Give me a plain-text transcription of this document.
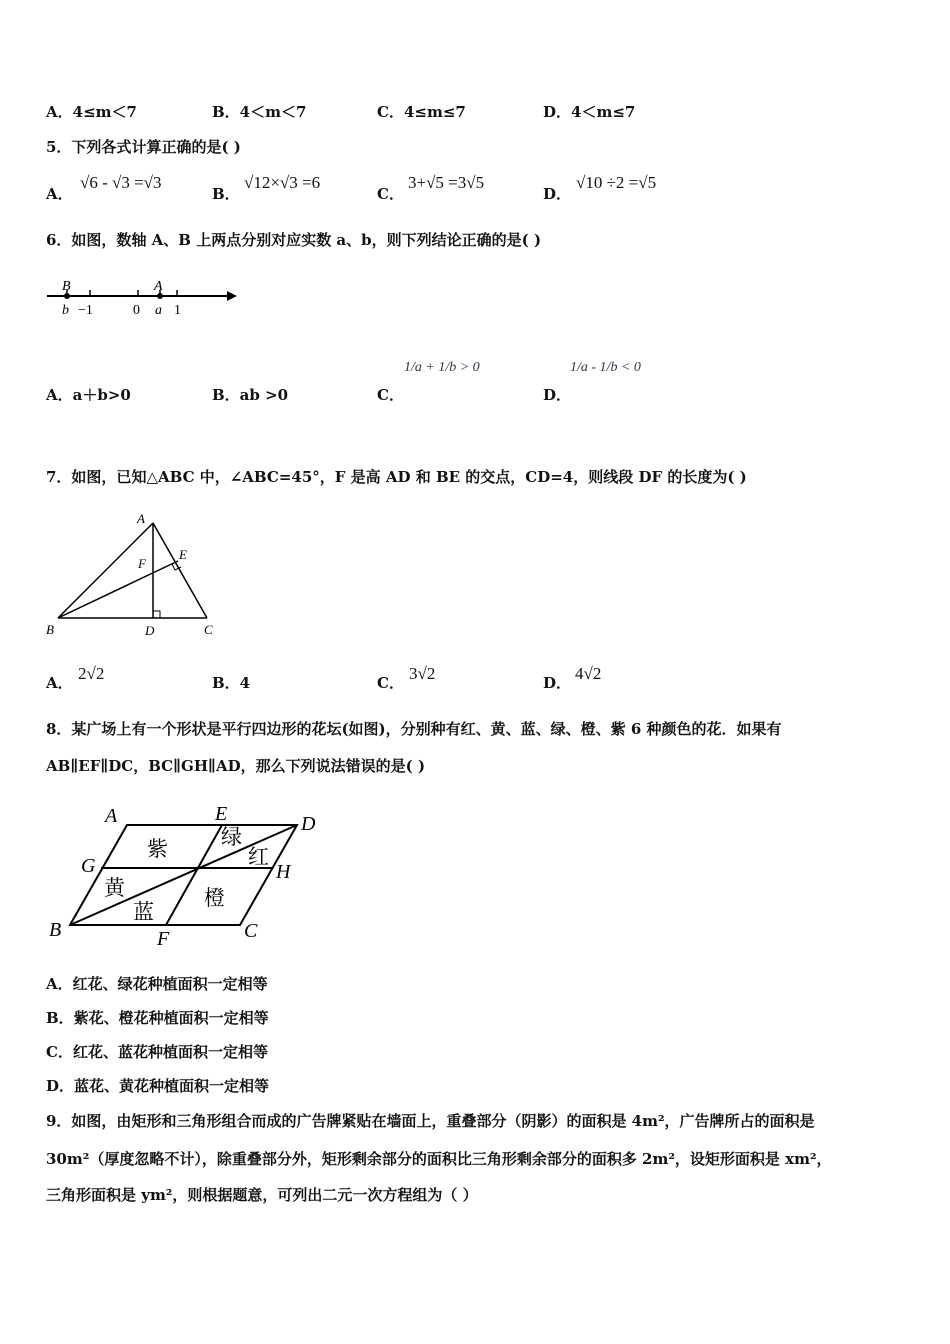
A．4≤m＜7	B．4＜m＜7	C．4≤m≤7	D．4＜m≤7
5．下列各式计算正确的是( )
A．
√6 - √3 =√3
B．
√12×√3 =6
C．
3+√5 =3√5
D．
√10 ÷2 =√5
6．如图，数轴 A、B 上两点分别对应实数 a、b，则下列结论正确的是( )
B	A
b −1	0 a 1
A．a＋b>0	B．ab >0	C．
1/a + 1/b > 0
D．
1/a - 1/b < 0
7．如图，已知△ABC 中，∠ABC=45°，F 是高 AD 和 BE 的交点，CD=4，则线段 DF 的长度为( )
A
B	C
D
E
F
A． 2√2	B．4	C． 3√2	D． 4√2
8．某广场上有一个形状是平行四边形的花坛(如图)，分别种有红、黄、蓝、绿、橙、紫 6 种颜色的花．如果有
AB∥EF∥DC，BC∥GH∥AD，那么下列说法错误的是( )
A	E	D
G	H
B	F	C
紫	绿
红
黄
蓝
橙
A．红花、绿花种植面积一定相等
B．紫花、橙花种植面积一定相等
C．红花、蓝花种植面积一定相等
D．蓝花、黄花种植面积一定相等
9．如图，由矩形和三角形组合而成的广告牌紧贴在墙面上，重叠部分（阴影）的面积是 4m²，广告牌所占的面积是
30m²（厚度忽略不计），除重叠部分外，矩形剩余部分的面积比三角形剩余部分的面积多 2m²，设矩形面积是 xm²，
三角形面积是 ym²，则根据题意，可列出二元一次方程组为（ ）
